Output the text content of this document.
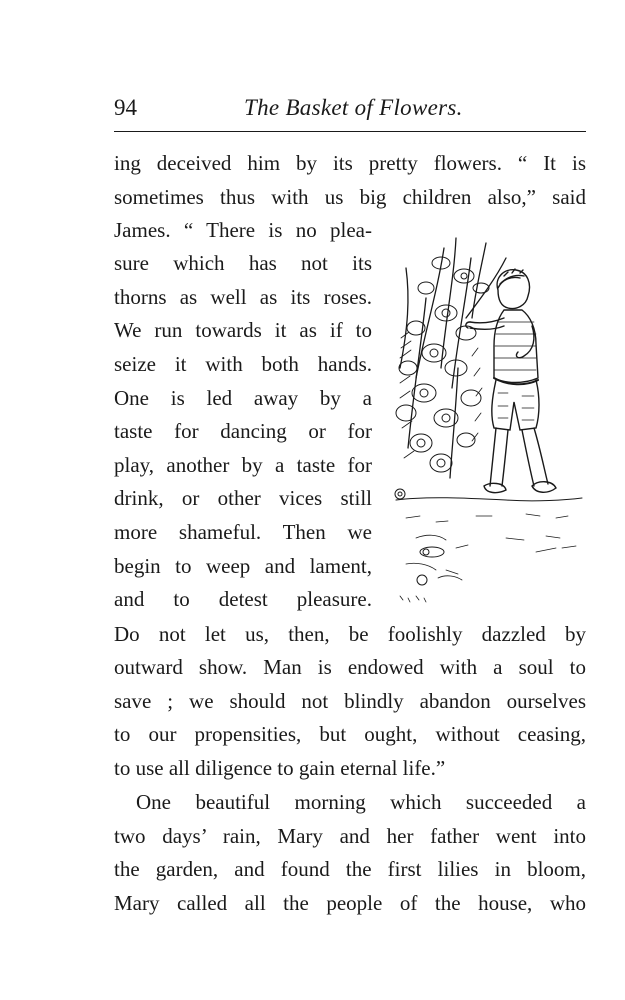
94	The Basket of Flowers.
ing deceived him by its pretty flowers. “ It is
sometimes thus with us big children also,” said
James. “ There is no plea-
sure which has not its
thorns as well as its roses.
We run towards it as if to
seize it with both hands.
One is led away by a
taste for dancing or for
play, another by a taste for
drink, or other vices still
more shameful. Then we
begin to weep and lament,
and to detest pleasure.
Do not let us, then, be foolishly dazzled by
outward show. Man is endowed with a soul to
save ; we should not blindly abandon ourselves
to our propensities, but ought, without ceasing,
to use all diligence to gain eternal life.”
One beautiful morning which succeeded a
two days’ rain, Mary and her father went into
the garden, and found the first lilies in bloom,
Mary called all the people of the house, who
